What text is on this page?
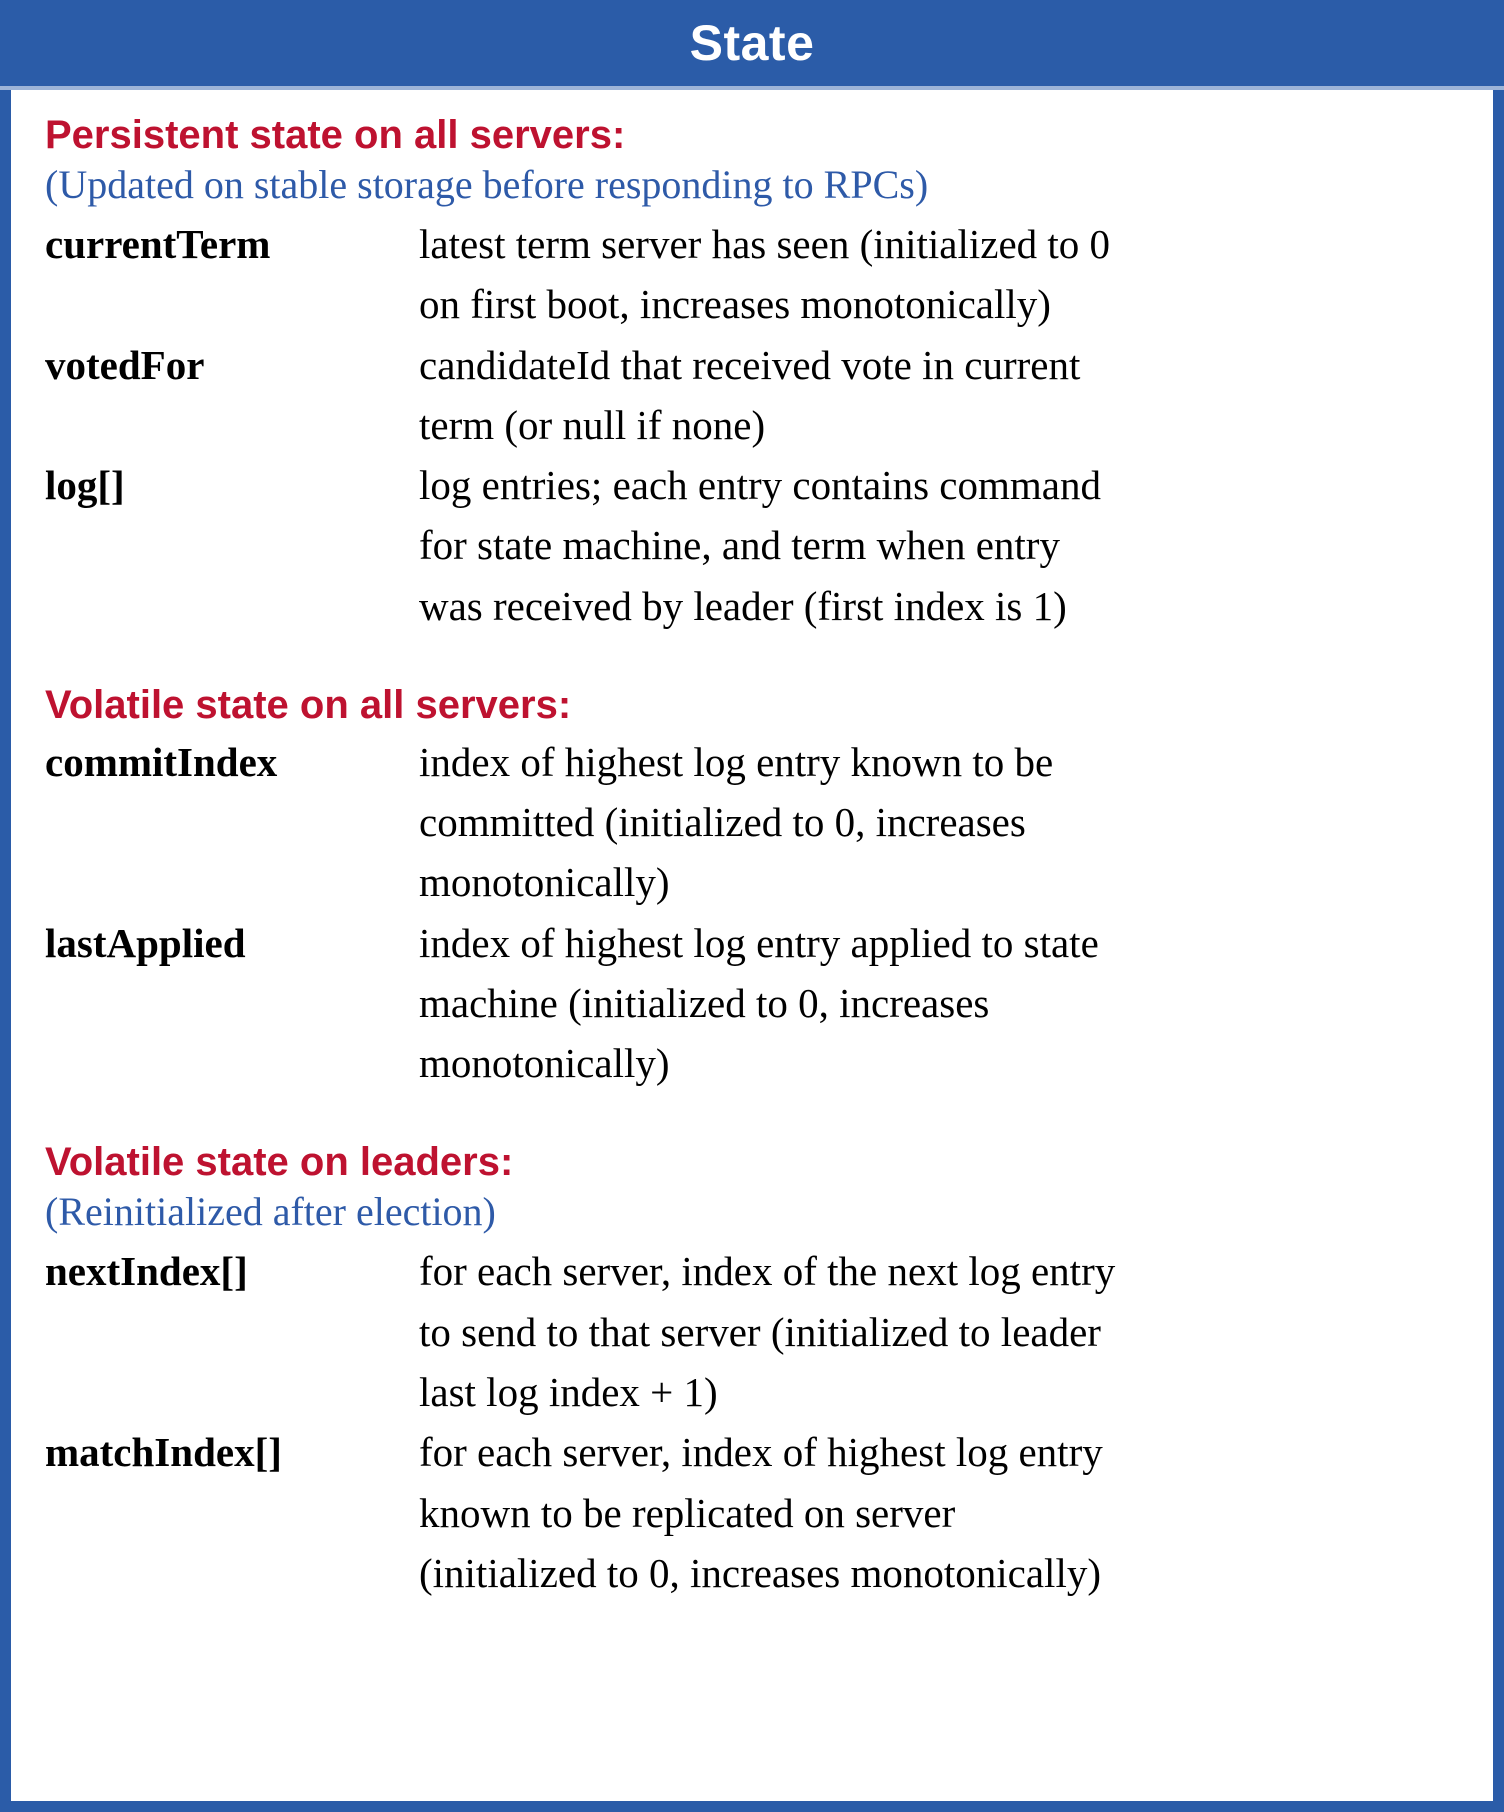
State
Persistent state on all servers:
(Updated on stable storage before responding to RPCs)
currentTerm	latest term server has seen (initialized to 0
on first boot, increases monotonically)
votedFor	candidateId that received vote in current
term (or null if none)
log[]	log entries; each entry contains command
for state machine, and term when entry
was received by leader (first index is 1)
Volatile state on all servers:
commitIndex	index of highest log entry known to be
committed (initialized to 0, increases
monotonically)
lastApplied	index of highest log entry applied to state
machine (initialized to 0, increases
monotonically)
Volatile state on leaders:
(Reinitialized after election)
nextIndex[]	for each server, index of the next log entry
to send to that server (initialized to leader
last log index + 1)
matchIndex[]	for each server, index of highest log entry
known to be replicated on server
(initialized to 0, increases monotonically)
